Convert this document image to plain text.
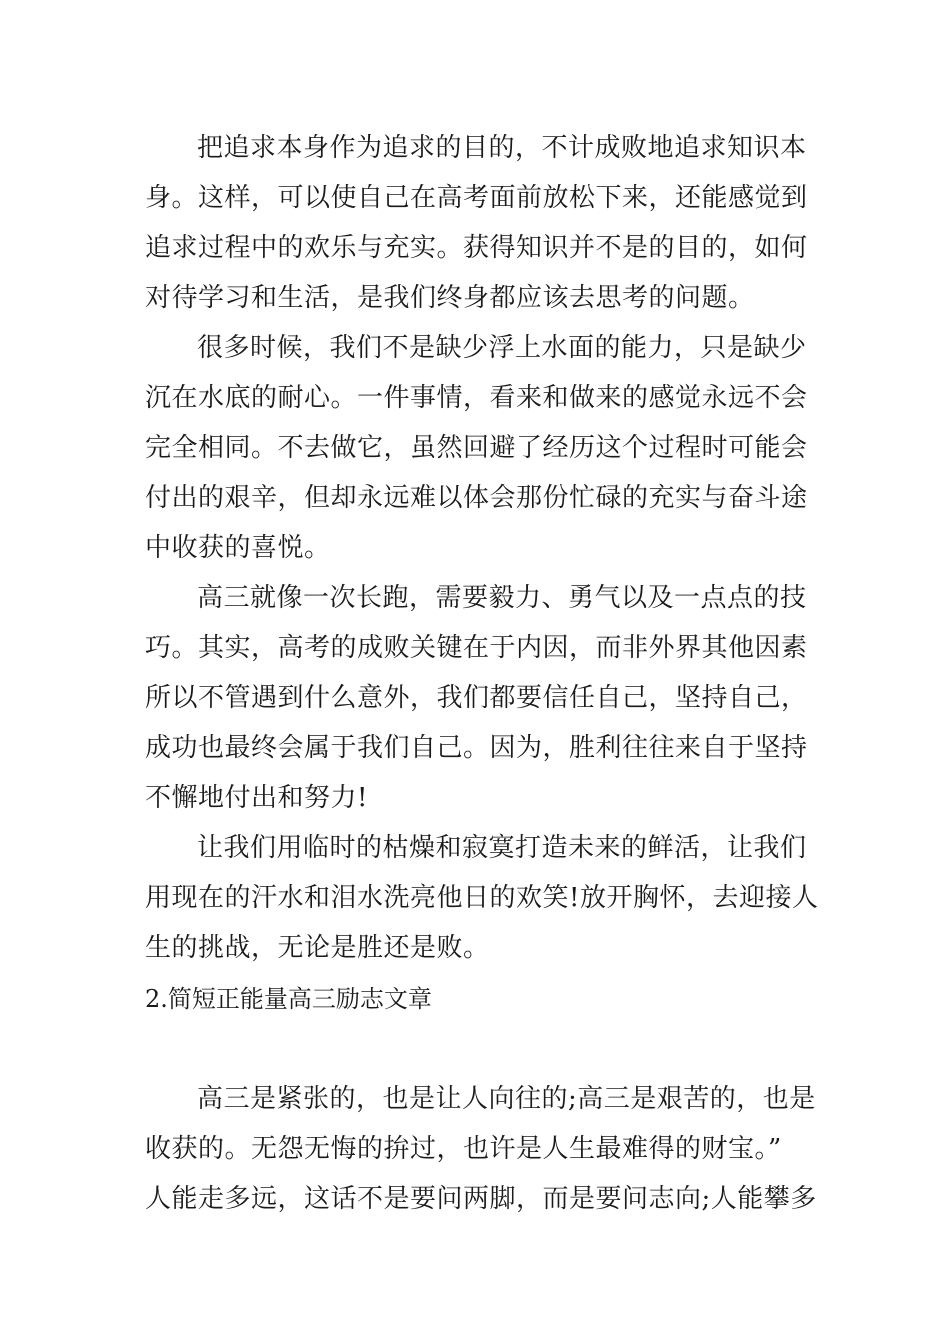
把追求本身作为追求的目的，不计成败地追求知识本
身。这样，可以使自己在高考面前放松下来，还能感觉到
追求过程中的欢乐与充实。获得知识并不是的目的，如何
对待学习和生活，是我们终身都应该去思考的问题。
很多时候，我们不是缺少浮上水面的能力，只是缺少
沉在水底的耐心。一件事情，看来和做来的感觉永远不会
完全相同。不去做它，虽然回避了经历这个过程时可能会
付出的艰辛，但却永远难以体会那份忙碌的充实与奋斗途
中收获的喜悦。
高三就像一次长跑，需要毅力、勇气以及一点点的技
巧。其实，高考的成败关键在于内因，而非外界其他因素
所以不管遇到什么意外，我们都要信任自己，坚持自己，
成功也最终会属于我们自己。因为，胜利往往来自于坚持
不懈地付出和努力!
让我们用临时的枯燥和寂寞打造未来的鲜活，让我们
用现在的汗水和泪水洗亮他日的欢笑!放开胸怀，去迎接人
生的挑战，无论是胜还是败。
2.简短正能量高三励志文章
高三是紧张的，也是让人向往的;高三是艰苦的，也是
收获的。无怨无悔的拚过，也许是人生最难得的财宝。”
人能走多远，这话不是要问两脚，而是要问志向;人能攀多
